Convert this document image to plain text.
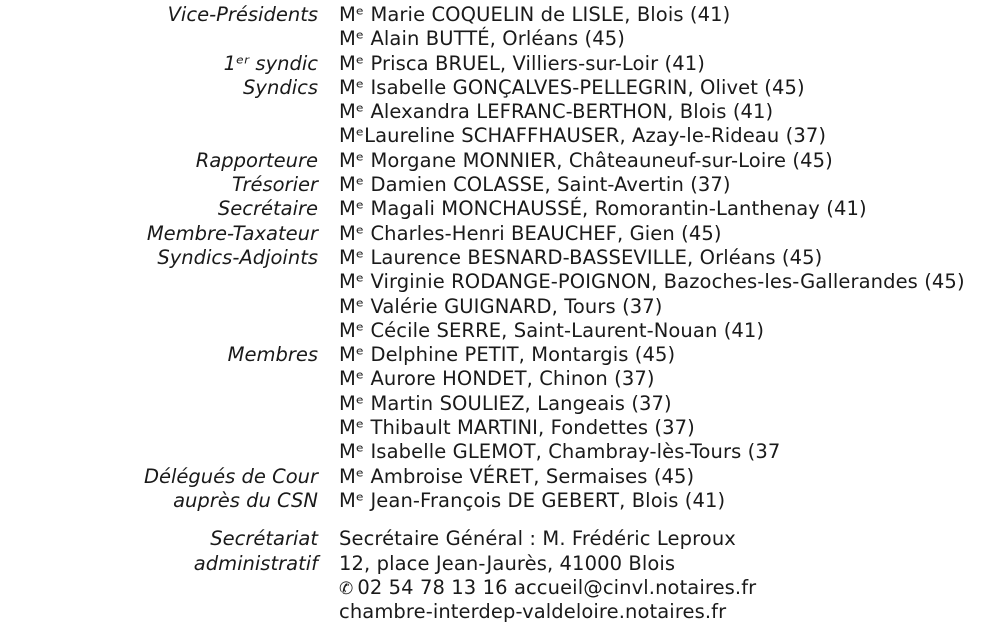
Vice-Présidents	Mᵉ Marie COQUELIN de LISLE, Blois (41)
Mᵉ Alain BUTTÉ, Orléans (45)
1ᵉʳ syndic	Mᵉ Prisca BRUEL, Villiers-sur-Loir (41)
Syndics	Mᵉ Isabelle GONÇALVES-PELLEGRIN, Olivet (45)
Mᵉ Alexandra LEFRANC-BERTHON, Blois (41)
MᵉLaureline SCHAFFHAUSER, Azay-le-Rideau (37)
Rapporteure	Mᵉ Morgane MONNIER, Châteauneuf-sur-Loire (45)
Trésorier	Mᵉ Damien COLASSE, Saint-Avertin (37)
Secrétaire	Mᵉ Magali MONCHAUSSÉ, Romorantin-Lanthenay (41)
Membre-Taxateur	Mᵉ Charles-Henri BEAUCHEF, Gien (45)
Syndics-Adjoints	Mᵉ Laurence BESNARD-BASSEVILLE, Orléans (45)
Mᵉ Virginie RODANGE-POIGNON, Bazoches-les-Gallerandes (45)
Mᵉ Valérie GUIGNARD, Tours (37)
Mᵉ Cécile SERRE, Saint-Laurent-Nouan (41)
Membres	Mᵉ Delphine PETIT, Montargis (45)
Mᵉ Aurore HONDET, Chinon (37)
Mᵉ Martin SOULIEZ, Langeais (37)
Mᵉ Thibault MARTINI, Fondettes (37)
Mᵉ Isabelle GLEMOT, Chambray-lès-Tours (37
Délégués de Cour	Mᵉ Ambroise VÉRET, Sermaises (45)
auprès du CSN	Mᵉ Jean-François DE GEBERT, Blois (41)
Secrétariat	Secrétaire Général : M. Frédéric Leproux
administratif	12, place Jean-Jaurès, 41000 Blois
✆ 02 54 78 13 16 accueil@cinvl.notaires.fr
chambre-interdep-valdeloire.notaires.fr
